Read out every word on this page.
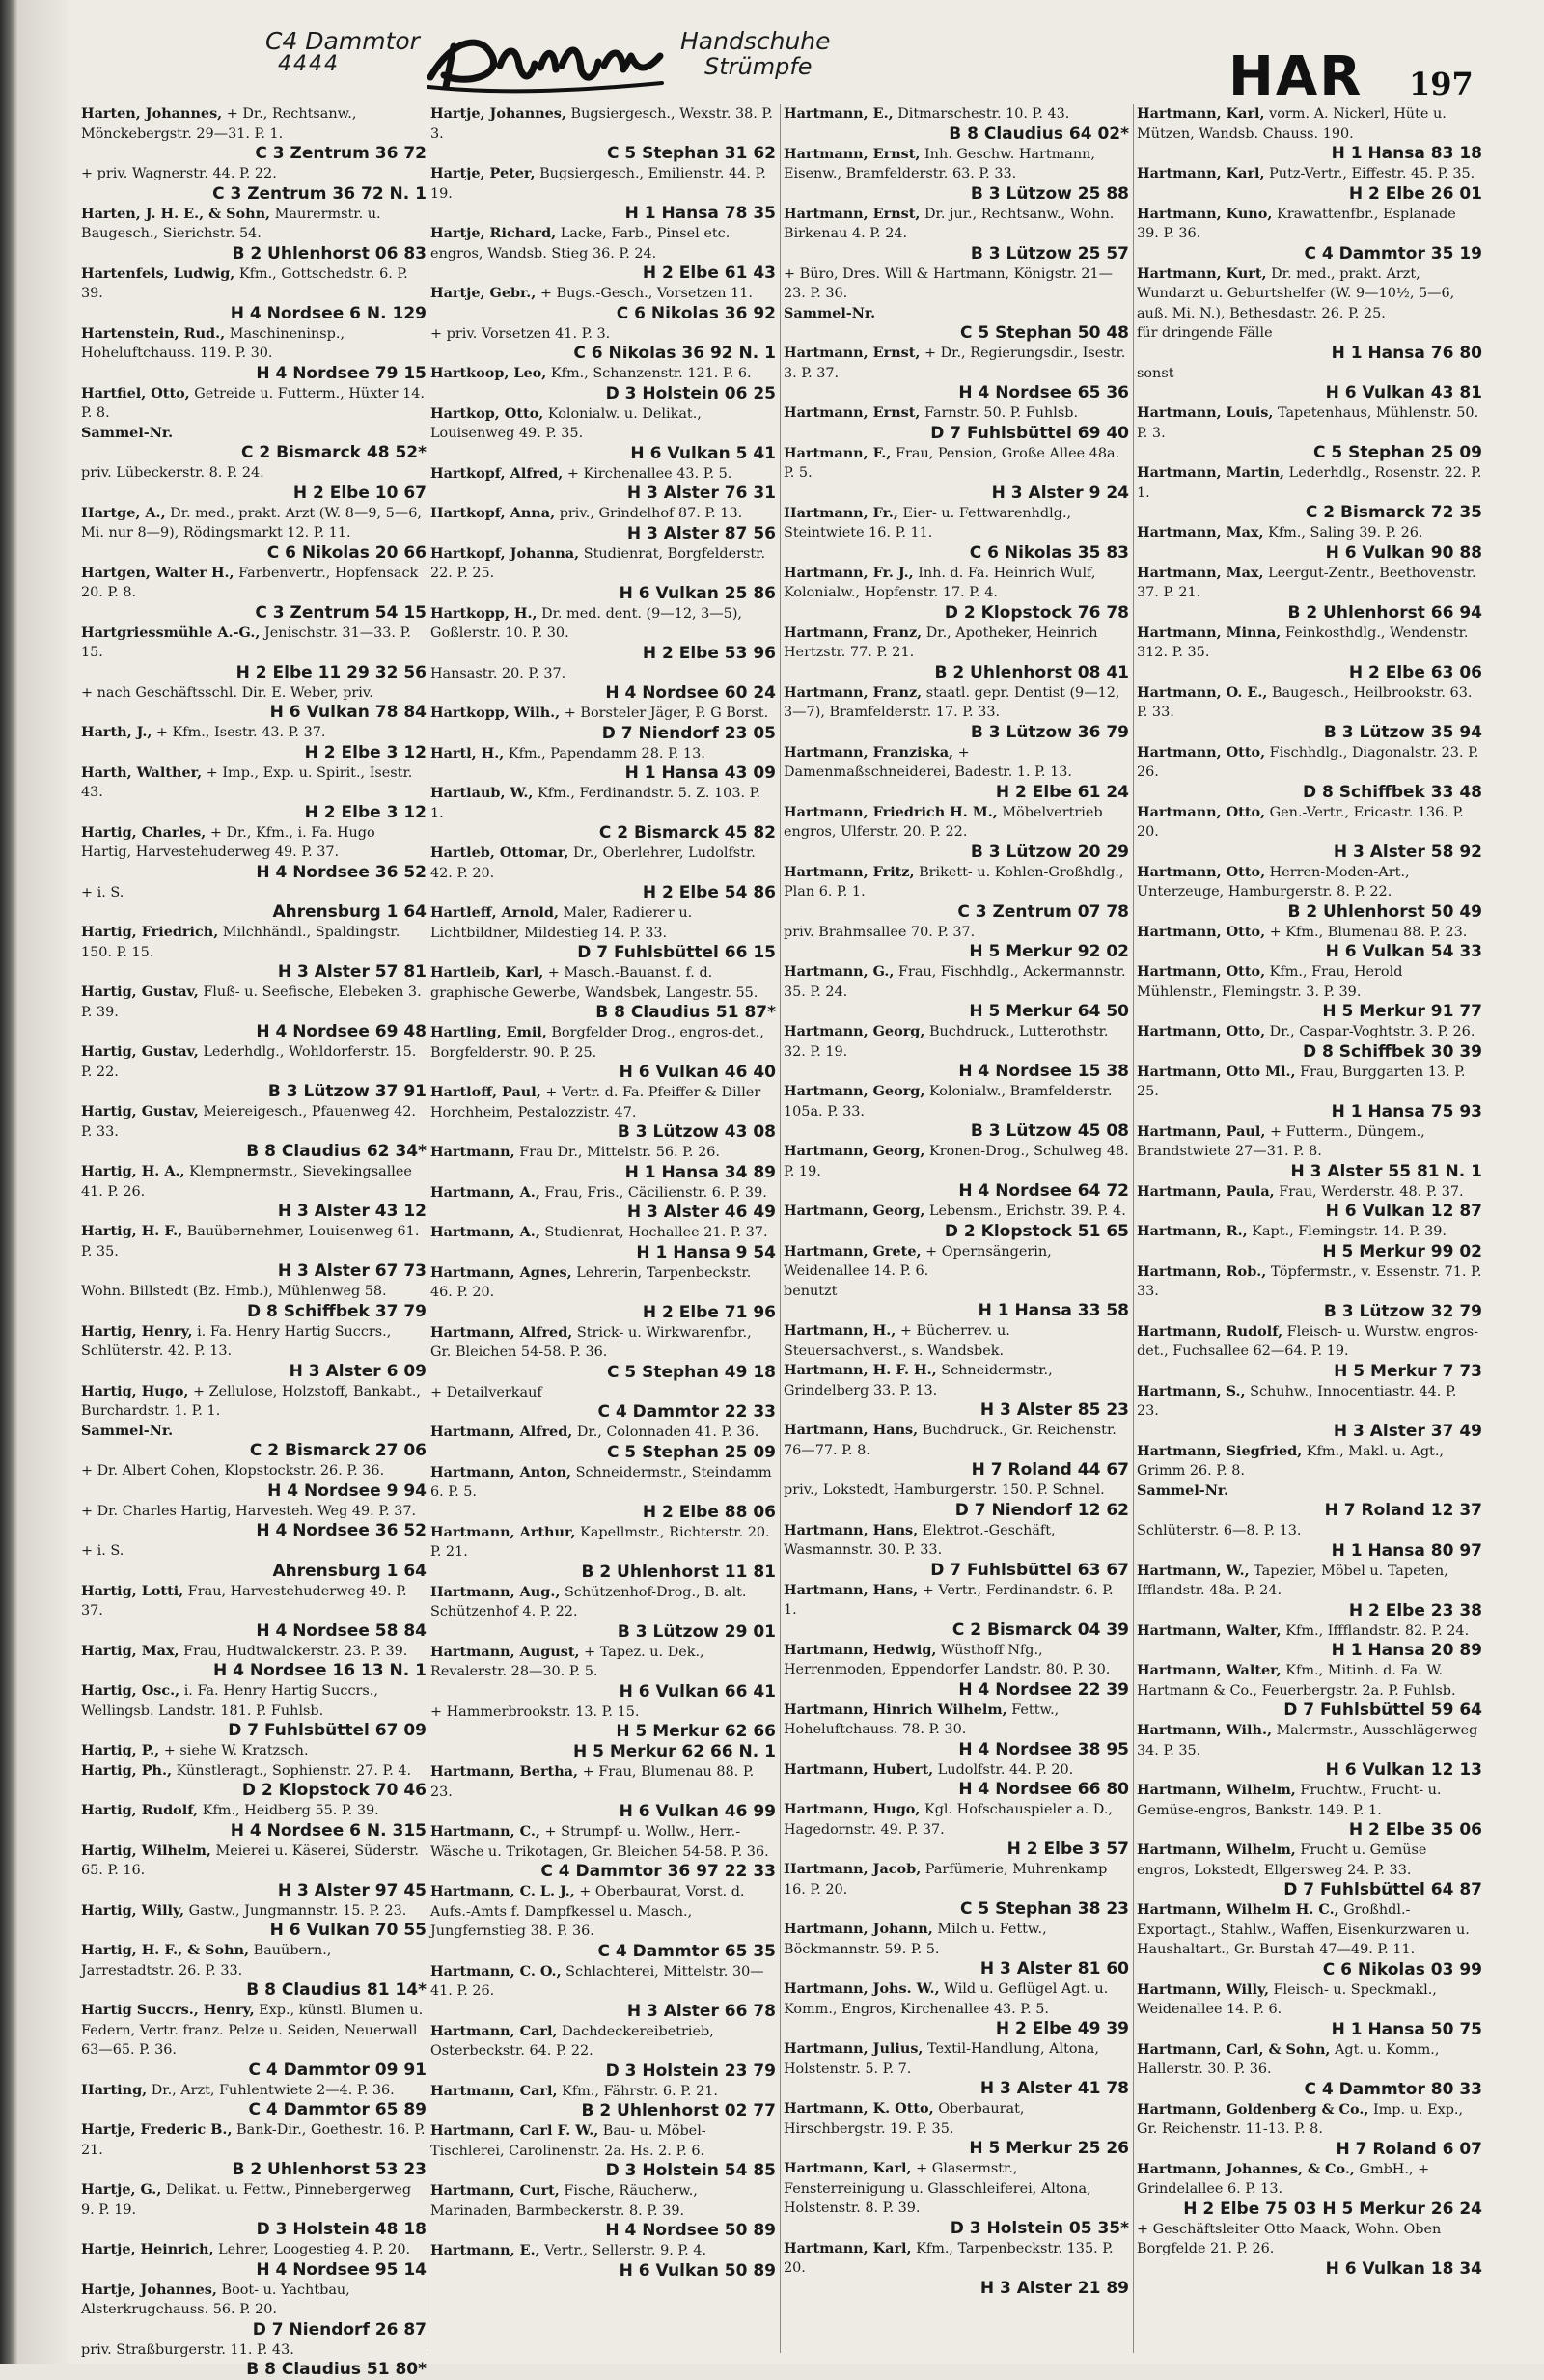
C4 Dammtor
4444
Handschuhe
Strümpfe	HAR 197
Harten, Johannes, + Dr., Rechtsanw., Mönckebergstr. 29—31. P. 1.
C 3 Zentrum 36 72
+ priv. Wagnerstr. 44. P. 22.
C 3 Zentrum 36 72 N. 1
Harten, J. H. E., & Sohn, Maurermstr. u. Baugesch., Sierichstr. 54.
B 2 Uhlenhorst 06 83
Hartenfels, Ludwig, Kfm., Gottschedstr. 6. P. 39.
H 4 Nordsee 6 N. 129
Hartenstein, Rud., Maschineninsp., Hoheluftchauss. 119. P. 30.
H 4 Nordsee 79 15
Hartfiel, Otto, Getreide u. Futterm., Hüxter 14. P. 8.
Sammel-Nr.
C 2 Bismarck 48 52*
priv. Lübeckerstr. 8. P. 24.
H 2 Elbe 10 67
Hartge, A., Dr. med., prakt. Arzt (W. 8—9, 5—6, Mi. nur 8—9), Rödingsmarkt 12. P. 11.
C 6 Nikolas 20 66
Hartgen, Walter H., Farbenvertr., Hopfensack 20. P. 8.
C 3 Zentrum 54 15
Hartgriessmühle A.-G., Jenischstr. 31—33. P. 15.
H 2 Elbe 11 29 32 56
+ nach Geschäftsschl. Dir. E. Weber, priv.
H 6 Vulkan 78 84
Harth, J., + Kfm., Isestr. 43. P. 37.
H 2 Elbe 3 12
Harth, Walther, + Imp., Exp. u. Spirit., Isestr. 43.
H 2 Elbe 3 12
Hartig, Charles, + Dr., Kfm., i. Fa. Hugo Hartig, Harvestehuderweg 49. P. 37.
H 4 Nordsee 36 52
+ i. S.
Ahrensburg 1 64
Hartig, Friedrich, Milchhändl., Spaldingstr. 150. P. 15.
H 3 Alster 57 81
Hartig, Gustav, Fluß- u. Seefische, Elebeken 3. P. 39.
H 4 Nordsee 69 48
Hartig, Gustav, Lederhdlg., Wohldorferstr. 15. P. 22.
B 3 Lützow 37 91
Hartig, Gustav, Meiereigesch., Pfauenweg 42. P. 33.
B 8 Claudius 62 34*
Hartig, H. A., Klempnermstr., Sievekingsallee 41. P. 26.
H 3 Alster 43 12
Hartig, H. F., Bauübernehmer, Louisenweg 61. P. 35.
H 3 Alster 67 73
Wohn. Billstedt (Bz. Hmb.), Mühlenweg 58.
D 8 Schiffbek 37 79
Hartig, Henry, i. Fa. Henry Hartig Succrs., Schlüterstr. 42. P. 13.
H 3 Alster 6 09
Hartig, Hugo, + Zellulose, Holzstoff, Bankabt., Burchardstr. 1. P. 1.
Sammel-Nr.
C 2 Bismarck 27 06
+ Dr. Albert Cohen, Klopstockstr. 26. P. 36.
H 4 Nordsee 9 94
+ Dr. Charles Hartig, Harvesteh. Weg 49. P. 37.
H 4 Nordsee 36 52
+ i. S.
Ahrensburg 1 64
Hartig, Lotti, Frau, Harvestehuderweg 49. P. 37.
H 4 Nordsee 58 84
Hartig, Max, Frau, Hudtwalckerstr. 23. P. 39.
H 4 Nordsee 16 13 N. 1
Hartig, Osc., i. Fa. Henry Hartig Succrs., Wellingsb. Landstr. 181. P. Fuhlsb.
D 7 Fuhlsbüttel 67 09
Hartig, P., + siehe W. Kratzsch.
Hartig, Ph., Künstleragt., Sophienstr. 27. P. 4.
D 2 Klopstock 70 46
Hartig, Rudolf, Kfm., Heidberg 55. P. 39.
H 4 Nordsee 6 N. 315
Hartig, Wilhelm, Meierei u. Käserei, Süderstr. 65. P. 16.
H 3 Alster 97 45
Hartig, Willy, Gastw., Jungmannstr. 15. P. 23.
H 6 Vulkan 70 55
Hartig, H. F., & Sohn, Bauübern., Jarrestadtstr. 26. P. 33.
B 8 Claudius 81 14*
Hartig Succrs., Henry, Exp., künstl. Blumen u. Federn, Vertr. franz. Pelze u. Seiden, Neuerwall 63—65. P. 36.
C 4 Dammtor 09 91
Harting, Dr., Arzt, Fuhlentwiete 2—4. P. 36.
C 4 Dammtor 65 89
Hartje, Frederic B., Bank-Dir., Goethestr. 16. P. 21.
B 2 Uhlenhorst 53 23
Hartje, G., Delikat. u. Fettw., Pinnebergerweg 9. P. 19.
D 3 Holstein 48 18
Hartje, Heinrich, Lehrer, Loogestieg 4. P. 20.
H 4 Nordsee 95 14
Hartje, Johannes, Boot- u. Yachtbau, Alsterkrugchauss. 56. P. 20.
D 7 Niendorf 26 87
priv. Straßburgerstr. 11. P. 43.
B 8 Claudius 51 80*
Hartje, Johannes, Bugsiergesch., Wexstr. 38. P. 3.
C 5 Stephan 31 62
Hartje, Peter, Bugsiergesch., Emilienstr. 44. P. 19.
H 1 Hansa 78 35
Hartje, Richard, Lacke, Farb., Pinsel etc. engros, Wandsb. Stieg 36. P. 24.
H 2 Elbe 61 43
Hartje, Gebr., + Bugs.-Gesch., Vorsetzen 11.
C 6 Nikolas 36 92
+ priv. Vorsetzen 41. P. 3.
C 6 Nikolas 36 92 N. 1
Hartkoop, Leo, Kfm., Schanzenstr. 121. P. 6.
D 3 Holstein 06 25
Hartkop, Otto, Kolonialw. u. Delikat., Louisenweg 49. P. 35.
H 6 Vulkan 5 41
Hartkopf, Alfred, + Kirchenallee 43. P. 5.
H 3 Alster 76 31
Hartkopf, Anna, priv., Grindelhof 87. P. 13.
H 3 Alster 87 56
Hartkopf, Johanna, Studienrat, Borgfelderstr. 22. P. 25.
H 6 Vulkan 25 86
Hartkopp, H., Dr. med. dent. (9—12, 3—5), Goßlerstr. 10. P. 30.
H 2 Elbe 53 96
Hansastr. 20. P. 37.
H 4 Nordsee 60 24
Hartkopp, Wilh., + Borsteler Jäger, P. G Borst.
D 7 Niendorf 23 05
Hartl, H., Kfm., Papendamm 28. P. 13.
H 1 Hansa 43 09
Hartlaub, W., Kfm., Ferdinandstr. 5. Z. 103. P. 1.
C 2 Bismarck 45 82
Hartleb, Ottomar, Dr., Oberlehrer, Ludolfstr. 42. P. 20.
H 2 Elbe 54 86
Hartleff, Arnold, Maler, Radierer u. Lichtbildner, Mildestieg 14. P. 33.
D 7 Fuhlsbüttel 66 15
Hartleib, Karl, + Masch.-Bauanst. f. d. graphische Gewerbe, Wandsbek, Langestr. 55.
B 8 Claudius 51 87*
Hartling, Emil, Borgfelder Drog., engros-det., Borgfelderstr. 90. P. 25.
H 6 Vulkan 46 40
Hartloff, Paul, + Vertr. d. Fa. Pfeiffer & Diller Horchheim, Pestalozzistr. 47.
B 3 Lützow 43 08
Hartmann, Frau Dr., Mittelstr. 56. P. 26.
H 1 Hansa 34 89
Hartmann, A., Frau, Fris., Cäcilienstr. 6. P. 39.
H 3 Alster 46 49
Hartmann, A., Studienrat, Hochallee 21. P. 37.
H 1 Hansa 9 54
Hartmann, Agnes, Lehrerin, Tarpenbeckstr. 46. P. 20.
H 2 Elbe 71 96
Hartmann, Alfred, Strick- u. Wirkwarenfbr., Gr. Bleichen 54-58. P. 36.
C 5 Stephan 49 18
+ Detailverkauf
C 4 Dammtor 22 33
Hartmann, Alfred, Dr., Colonnaden 41. P. 36.
C 5 Stephan 25 09
Hartmann, Anton, Schneidermstr., Steindamm 6. P. 5.
H 2 Elbe 88 06
Hartmann, Arthur, Kapellmstr., Richterstr. 20. P. 21.
B 2 Uhlenhorst 11 81
Hartmann, Aug., Schützenhof-Drog., B. alt. Schützenhof 4. P. 22.
B 3 Lützow 29 01
Hartmann, August, + Tapez. u. Dek., Revalerstr. 28—30. P. 5.
H 6 Vulkan 66 41
+ Hammerbrookstr. 13. P. 15.
H 5 Merkur 62 66
H 5 Merkur 62 66 N. 1
Hartmann, Bertha, + Frau, Blumenau 88. P. 23.
H 6 Vulkan 46 99
Hartmann, C., + Strumpf- u. Wollw., Herr.-Wäsche u. Trikotagen, Gr. Bleichen 54-58. P. 36.
C 4 Dammtor 36 97 22 33
Hartmann, C. L. J., + Oberbaurat, Vorst. d. Aufs.-Amts f. Dampfkessel u. Masch., Jungfernstieg 38. P. 36.
C 4 Dammtor 65 35
Hartmann, C. O., Schlachterei, Mittelstr. 30—41. P. 26.
H 3 Alster 66 78
Hartmann, Carl, Dachdeckereibetrieb, Osterbeckstr. 64. P. 22.
D 3 Holstein 23 79
Hartmann, Carl, Kfm., Fährstr. 6. P. 21.
B 2 Uhlenhorst 02 77
Hartmann, Carl F. W., Bau- u. Möbel-Tischlerei, Carolinenstr. 2a. Hs. 2. P. 6.
D 3 Holstein 54 85
Hartmann, Curt, Fische, Räucherw., Marinaden, Barmbeckerstr. 8. P. 39.
H 4 Nordsee 50 89
Hartmann, E., Vertr., Sellerstr. 9. P. 4.
H 6 Vulkan 50 89
Hartmann, E., Ditmarschestr. 10. P. 43.
B 8 Claudius 64 02*
Hartmann, Ernst, Inh. Geschw. Hartmann, Eisenw., Bramfelderstr. 63. P. 33.
B 3 Lützow 25 88
Hartmann, Ernst, Dr. jur., Rechtsanw., Wohn. Birkenau 4. P. 24.
B 3 Lützow 25 57
+ Büro, Dres. Will & Hartmann, Königstr. 21—23. P. 36.
Sammel-Nr.
C 5 Stephan 50 48
Hartmann, Ernst, + Dr., Regierungsdir., Isestr. 3. P. 37.
H 4 Nordsee 65 36
Hartmann, Ernst, Farnstr. 50. P. Fuhlsb.
D 7 Fuhlsbüttel 69 40
Hartmann, F., Frau, Pension, Große Allee 48a. P. 5.
H 3 Alster 9 24
Hartmann, Fr., Eier- u. Fettwarenhdlg., Steintwiete 16. P. 11.
C 6 Nikolas 35 83
Hartmann, Fr. J., Inh. d. Fa. Heinrich Wulf, Kolonialw., Hopfenstr. 17. P. 4.
D 2 Klopstock 76 78
Hartmann, Franz, Dr., Apotheker, Heinrich Hertzstr. 77. P. 21.
B 2 Uhlenhorst 08 41
Hartmann, Franz, staatl. gepr. Dentist (9—12, 3—7), Bramfelderstr. 17. P. 33.
B 3 Lützow 36 79
Hartmann, Franziska, + Damenmaßschneiderei, Badestr. 1. P. 13.
H 2 Elbe 61 24
Hartmann, Friedrich H. M., Möbelvertrieb engros, Ulferstr. 20. P. 22.
B 3 Lützow 20 29
Hartmann, Fritz, Brikett- u. Kohlen-Großhdlg., Plan 6. P. 1.
C 3 Zentrum 07 78
priv. Brahmsallee 70. P. 37.
H 5 Merkur 92 02
Hartmann, G., Frau, Fischhdlg., Ackermannstr. 35. P. 24.
H 5 Merkur 64 50
Hartmann, Georg, Buchdruck., Lutterothstr. 32. P. 19.
H 4 Nordsee 15 38
Hartmann, Georg, Kolonialw., Bramfelderstr. 105a. P. 33.
B 3 Lützow 45 08
Hartmann, Georg, Kronen-Drog., Schulweg 48. P. 19.
H 4 Nordsee 64 72
Hartmann, Georg, Lebensm., Erichstr. 39. P. 4.
D 2 Klopstock 51 65
Hartmann, Grete, + Opernsängerin, Weidenallee 14. P. 6.
benutzt
H 1 Hansa 33 58
Hartmann, H., + Bücherrev. u. Steuersachverst., s. Wandsbek.
Hartmann, H. F. H., Schneidermstr., Grindelberg 33. P. 13.
H 3 Alster 85 23
Hartmann, Hans, Buchdruck., Gr. Reichenstr. 76—77. P. 8.
H 7 Roland 44 67
priv., Lokstedt, Hamburgerstr. 150. P. Schnel.
D 7 Niendorf 12 62
Hartmann, Hans, Elektrot.-Geschäft, Wasmannstr. 30. P. 33.
D 7 Fuhlsbüttel 63 67
Hartmann, Hans, + Vertr., Ferdinandstr. 6. P. 1.
C 2 Bismarck 04 39
Hartmann, Hedwig, Wüsthoff Nfg., Herrenmoden, Eppendorfer Landstr. 80. P. 30.
H 4 Nordsee 22 39
Hartmann, Hinrich Wilhelm, Fettw., Hoheluftchauss. 78. P. 30.
H 4 Nordsee 38 95
Hartmann, Hubert, Ludolfstr. 44. P. 20.
H 4 Nordsee 66 80
Hartmann, Hugo, Kgl. Hofschauspieler a. D., Hagedornstr. 49. P. 37.
H 2 Elbe 3 57
Hartmann, Jacob, Parfümerie, Muhrenkamp 16. P. 20.
C 5 Stephan 38 23
Hartmann, Johann, Milch u. Fettw., Böckmannstr. 59. P. 5.
H 3 Alster 81 60
Hartmann, Johs. W., Wild u. Geflügel Agt. u. Komm., Engros, Kirchenallee 43. P. 5.
H 2 Elbe 49 39
Hartmann, Julius, Textil-Handlung, Altona, Holstenstr. 5. P. 7.
H 3 Alster 41 78
Hartmann, K. Otto, Oberbaurat, Hirschbergstr. 19. P. 35.
H 5 Merkur 25 26
Hartmann, Karl, + Glasermstr., Fensterreinigung u. Glasschleiferei, Altona, Holstenstr. 8. P. 39.
D 3 Holstein 05 35*
Hartmann, Karl, Kfm., Tarpenbeckstr. 135. P. 20.
H 3 Alster 21 89
Hartmann, Karl, vorm. A. Nickerl, Hüte u. Mützen, Wandsb. Chauss. 190.
H 1 Hansa 83 18
Hartmann, Karl, Putz-Vertr., Eiffestr. 45. P. 35.
H 2 Elbe 26 01
Hartmann, Kuno, Krawattenfbr., Esplanade 39. P. 36.
C 4 Dammtor 35 19
Hartmann, Kurt, Dr. med., prakt. Arzt, Wundarzt u. Geburtshelfer (W. 9—10½, 5—6, auß. Mi. N.), Bethesdastr. 26. P. 25.
für dringende Fälle
H 1 Hansa 76 80
sonst
H 6 Vulkan 43 81
Hartmann, Louis, Tapetenhaus, Mühlenstr. 50. P. 3.
C 5 Stephan 25 09
Hartmann, Martin, Lederhdlg., Rosenstr. 22. P. 1.
C 2 Bismarck 72 35
Hartmann, Max, Kfm., Saling 39. P. 26.
H 6 Vulkan 90 88
Hartmann, Max, Leergut-Zentr., Beethovenstr. 37. P. 21.
B 2 Uhlenhorst 66 94
Hartmann, Minna, Feinkosthdlg., Wendenstr. 312. P. 35.
H 2 Elbe 63 06
Hartmann, O. E., Baugesch., Heilbrookstr. 63. P. 33.
B 3 Lützow 35 94
Hartmann, Otto, Fischhdlg., Diagonalstr. 23. P. 26.
D 8 Schiffbek 33 48
Hartmann, Otto, Gen.-Vertr., Ericastr. 136. P. 20.
H 3 Alster 58 92
Hartmann, Otto, Herren-Moden-Art., Unterzeuge, Hamburgerstr. 8. P. 22.
B 2 Uhlenhorst 50 49
Hartmann, Otto, + Kfm., Blumenau 88. P. 23.
H 6 Vulkan 54 33
Hartmann, Otto, Kfm., Frau, Herold Mühlenstr., Flemingstr. 3. P. 39.
H 5 Merkur 91 77
Hartmann, Otto, Dr., Caspar-Voghtstr. 3. P. 26.
D 8 Schiffbek 30 39
Hartmann, Otto Ml., Frau, Burggarten 13. P. 25.
H 1 Hansa 75 93
Hartmann, Paul, + Futterm., Düngem., Brandstwiete 27—31. P. 8.
H 3 Alster 55 81 N. 1
Hartmann, Paula, Frau, Werderstr. 48. P. 37.
H 6 Vulkan 12 87
Hartmann, R., Kapt., Flemingstr. 14. P. 39.
H 5 Merkur 99 02
Hartmann, Rob., Töpfermstr., v. Essenstr. 71. P. 33.
B 3 Lützow 32 79
Hartmann, Rudolf, Fleisch- u. Wurstw. engros-det., Fuchsallee 62—64. P. 19.
H 5 Merkur 7 73
Hartmann, S., Schuhw., Innocentiastr. 44. P. 23.
H 3 Alster 37 49
Hartmann, Siegfried, Kfm., Makl. u. Agt., Grimm 26. P. 8.
Sammel-Nr.
H 7 Roland 12 37
Schlüterstr. 6—8. P. 13.
H 1 Hansa 80 97
Hartmann, W., Tapezier, Möbel u. Tapeten, Ifflandstr. 48a. P. 24.
H 2 Elbe 23 38
Hartmann, Walter, Kfm., Iffflandstr. 82. P. 24.
H 1 Hansa 20 89
Hartmann, Walter, Kfm., Mitinh. d. Fa. W. Hartmann & Co., Feuerbergstr. 2a. P. Fuhlsb.
D 7 Fuhlsbüttel 59 64
Hartmann, Wilh., Malermstr., Ausschlägerweg 34. P. 35.
H 6 Vulkan 12 13
Hartmann, Wilhelm, Fruchtw., Frucht- u. Gemüse-engros, Bankstr. 149. P. 1.
H 2 Elbe 35 06
Hartmann, Wilhelm, Frucht u. Gemüse engros, Lokstedt, Ellgersweg 24. P. 33.
D 7 Fuhlsbüttel 64 87
Hartmann, Wilhelm H. C., Großhdl.-Exportagt., Stahlw., Waffen, Eisenkurzwaren u. Haushaltart., Gr. Burstah 47—49. P. 11.
C 6 Nikolas 03 99
Hartmann, Willy, Fleisch- u. Speckmakl., Weidenallee 14. P. 6.
H 1 Hansa 50 75
Hartmann, Carl, & Sohn, Agt. u. Komm., Hallerstr. 30. P. 36.
C 4 Dammtor 80 33
Hartmann, Goldenberg & Co., Imp. u. Exp., Gr. Reichenstr. 11-13. P. 8.
H 7 Roland 6 07
Hartmann, Johannes, & Co., GmbH., + Grindelallee 6. P. 13.
H 2 Elbe 75 03 H 5 Merkur 26 24
+ Geschäftsleiter Otto Maack, Wohn. Oben Borgfelde 21. P. 26.
H 6 Vulkan 18 34
